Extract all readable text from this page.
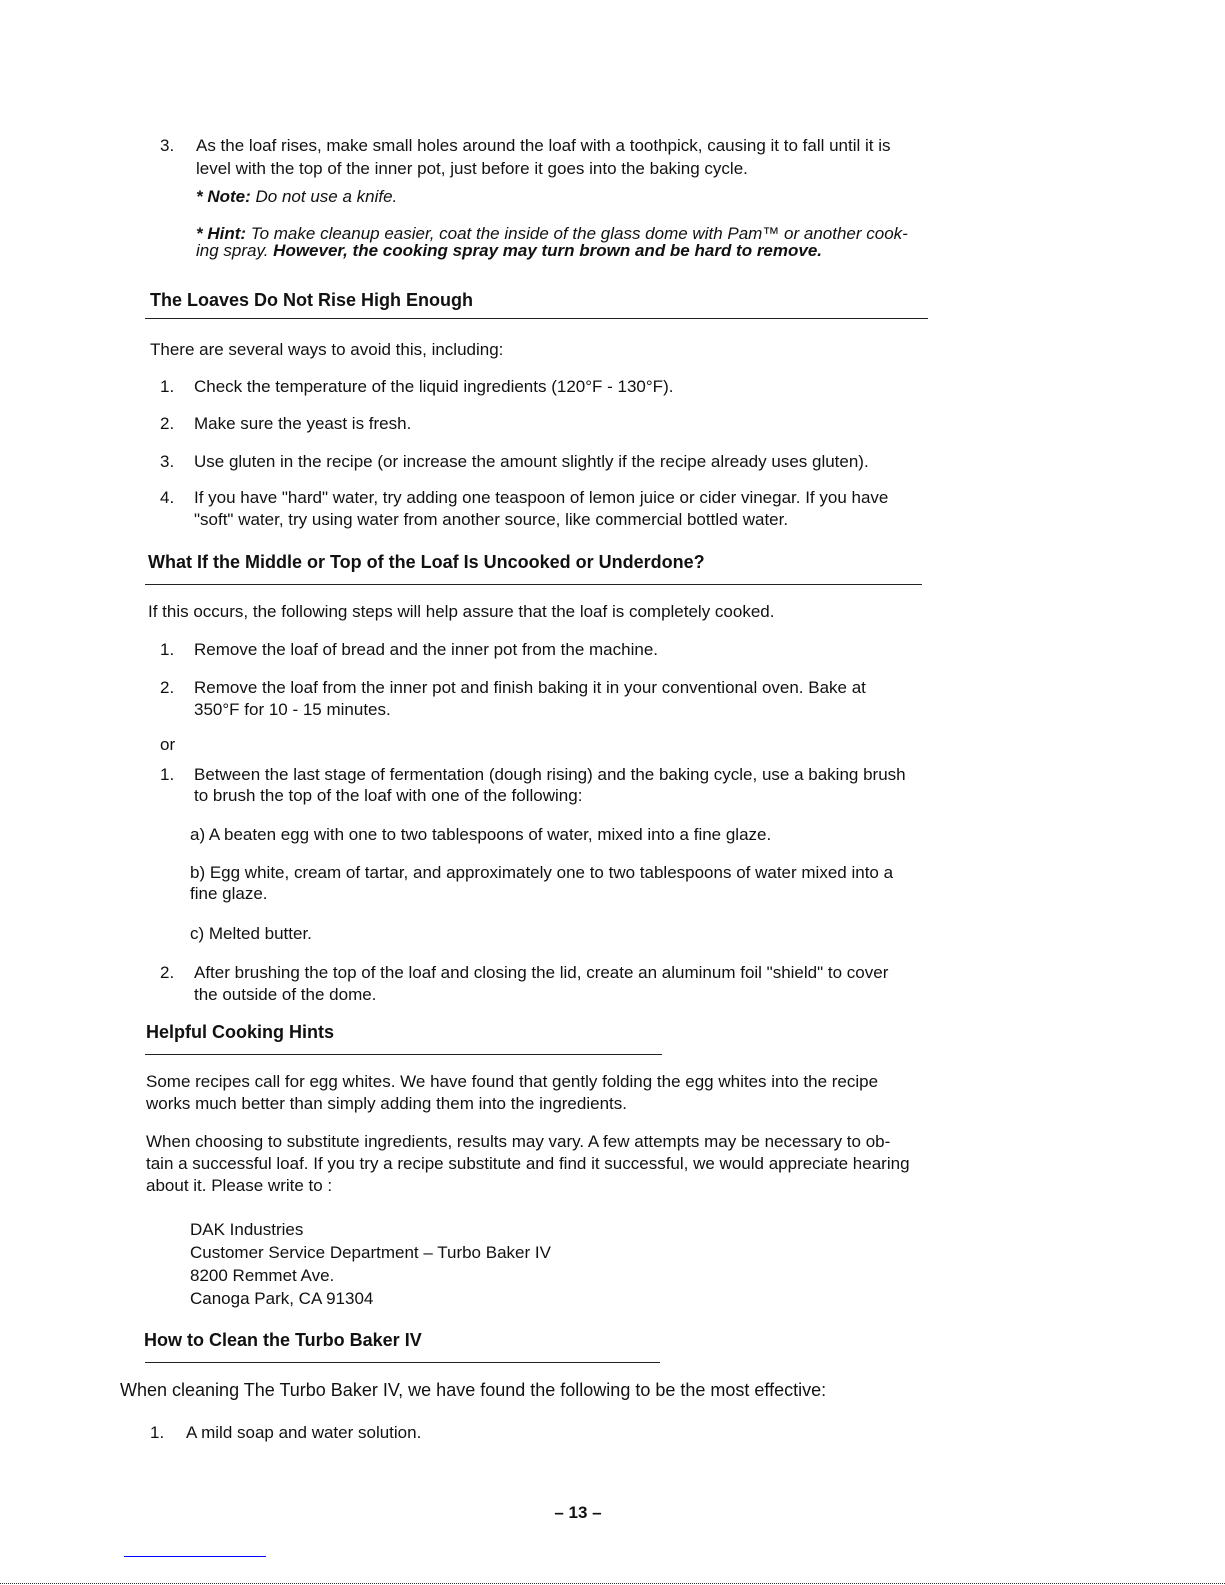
3. As the loaf rises, make small holes around the loaf with a toothpick, causing it to fall until it is
level with the top of the inner pot, just before it goes into the baking cycle.
* Note: Do not use a knife.
* Hint: To make cleanup easier, coat the inside of the glass dome with Pam™ or another cook-
ing spray. However, the cooking spray may turn brown and be hard to remove.
The Loaves Do Not Rise High Enough
There are several ways to avoid this, including:
1. Check the temperature of the liquid ingredients (120°F - 130°F).
2. Make sure the yeast is fresh.
3. Use gluten in the recipe (or increase the amount slightly if the recipe already uses gluten).
4. If you have "hard" water, try adding one teaspoon of lemon juice or cider vinegar. If you have
"soft" water, try using water from another source, like commercial bottled water.
What If the Middle or Top of the Loaf Is Uncooked or Underdone?
If this occurs, the following steps will help assure that the loaf is completely cooked.
1. Remove the loaf of bread and the inner pot from the machine.
2. Remove the loaf from the inner pot and finish baking it in your conventional oven. Bake at
350°F for 10 - 15 minutes.
or
1. Between the last stage of fermentation (dough rising) and the baking cycle, use a baking brush
to brush the top of the loaf with one of the following:
a) A beaten egg with one to two tablespoons of water, mixed into a fine glaze.
b) Egg white, cream of tartar, and approximately one to two tablespoons of water mixed into a
fine glaze.
c) Melted butter.
2. After brushing the top of the loaf and closing the lid, create an aluminum foil "shield" to cover
the outside of the dome.
Helpful Cooking Hints
Some recipes call for egg whites. We have found that gently folding the egg whites into the recipe
works much better than simply adding them into the ingredients.
When choosing to substitute ingredients, results may vary. A few attempts may be necessary to ob-
tain a successful loaf. If you try a recipe substitute and find it successful, we would appreciate hearing
about it. Please write to :
DAK Industries
Customer Service Department – Turbo Baker IV
8200 Remmet Ave.
Canoga Park, CA 91304
How to Clean the Turbo Baker IV
When cleaning The Turbo Baker IV, we have found the following to be the most effective:
1. A mild soap and water solution.
– 13 –
